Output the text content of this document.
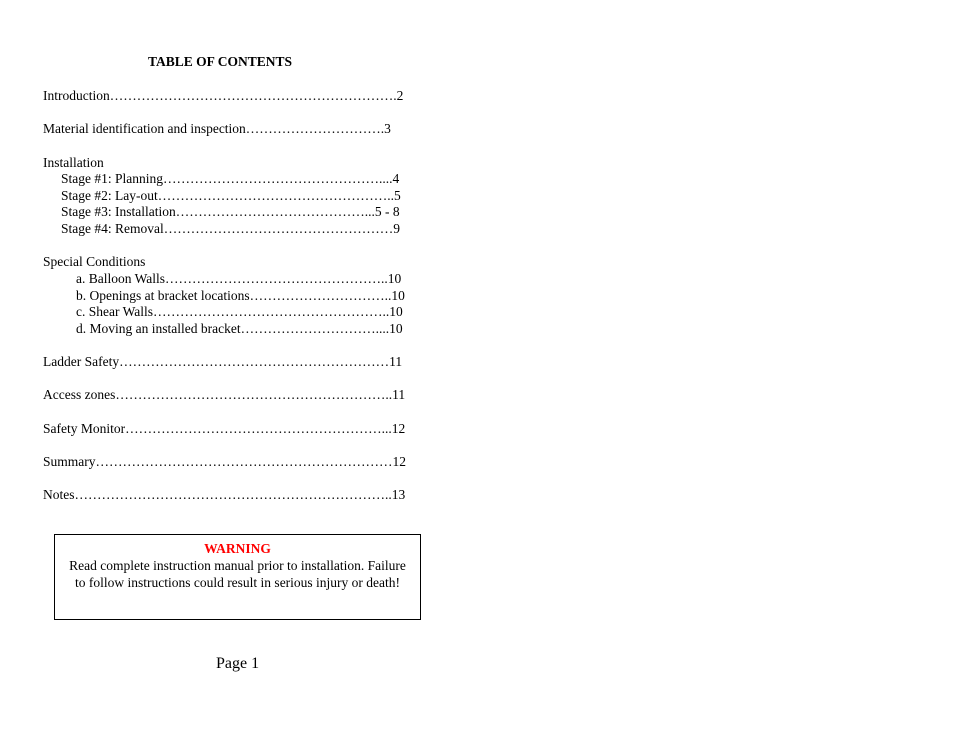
TABLE OF CONTENTS
Introduction……………………………………………………….2
Material identification and inspection………………………….3
Installation
Stage #1: Planning…………………………………………....4
Stage #2: Lay-out……………………………………………..5
Stage #3: Installation……………………………………...5 - 8
Stage #4: Removal……………………………………………9
Special Conditions
a. Balloon Walls…………………………………………..10
b. Openings at bracket locations…………………………..10
c. Shear Walls……………………………………………..10
d. Moving an installed bracket…………………………....10
Ladder Safety……………………………………………………11
Access zones……………………………………………………..11
Safety Monitor…………………………………………………...12
Summary…………………………………………………………12
Notes……………………………………………………………..13
WARNING
Read complete instruction manual prior to installation. Failure to follow instructions could result in serious injury or death!
Page 1
